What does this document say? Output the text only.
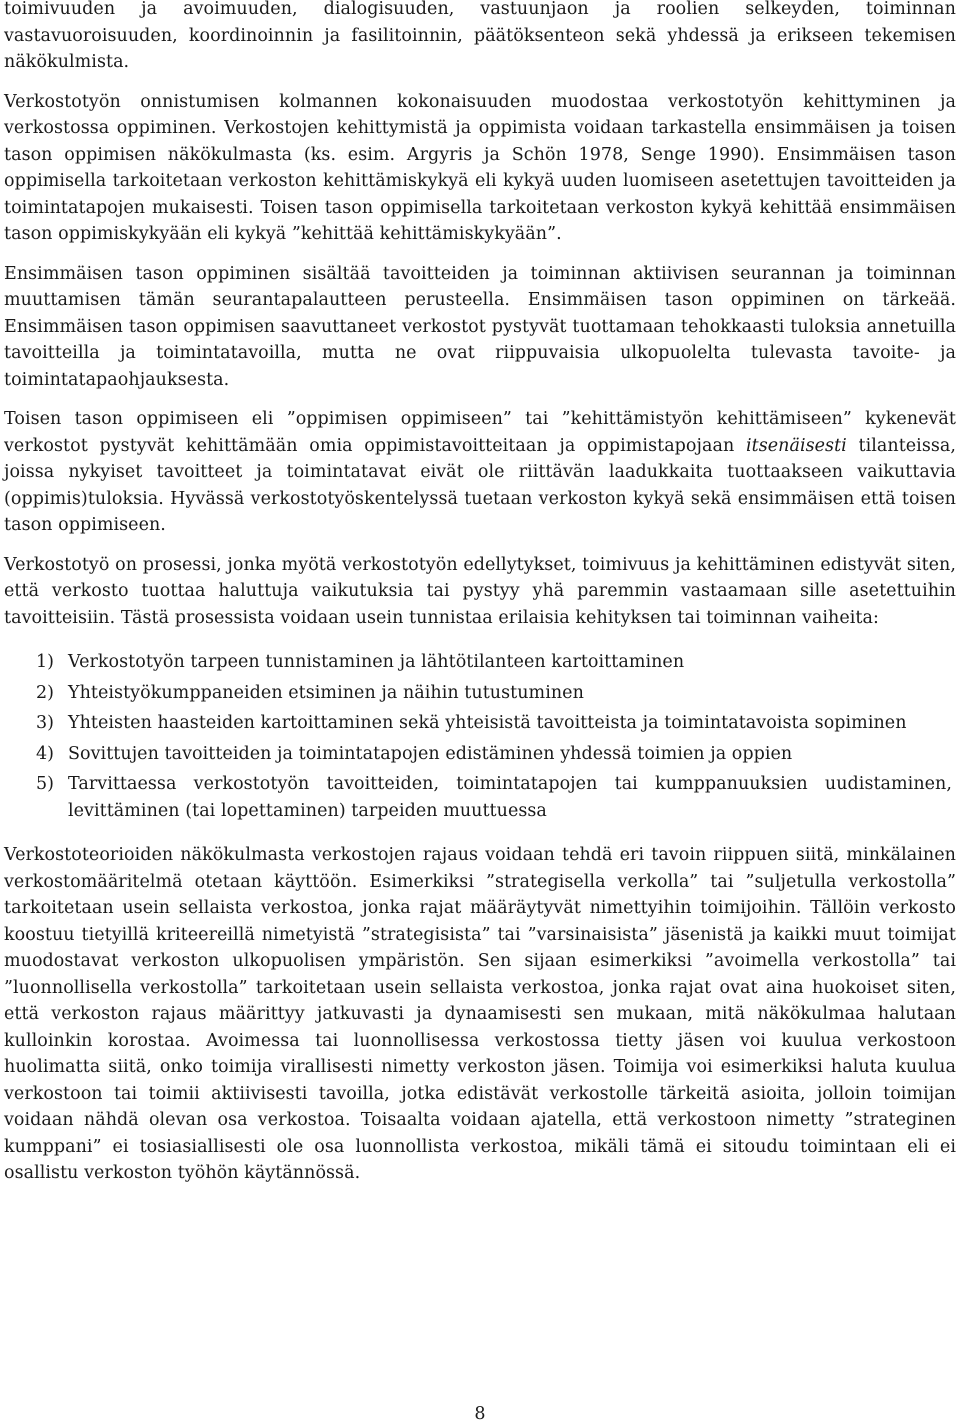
toimivuuden ja avoimuuden, dialogisuuden, vastuunjaon ja roolien selkeyden, toiminnan vastavuoroisuuden, koordinoinnin ja fasilitoinnin, päätöksenteon sekä yhdessä ja erikseen tekemisen näkökulmista.

Verkostotyön onnistumisen kolmannen kokonaisuuden muodostaa verkostotyön kehittyminen ja verkostossa oppiminen. Verkostojen kehittymistä ja oppimista voidaan tarkastella ensimmäisen ja toisen tason oppimisen näkökulmasta (ks. esim. Argyris ja Schön 1978, Senge 1990). Ensimmäisen tason oppimisella tarkoitetaan verkoston kehittämiskykyä eli kykyä uuden luomiseen asetettujen tavoitteiden ja toimintatapojen mukaisesti. Toisen tason oppimisella tarkoitetaan verkoston kykyä kehittää ensimmäisen tason oppimiskykyään eli kykyä ”kehittää kehittämiskykyään”.

Ensimmäisen tason oppiminen sisältää tavoitteiden ja toiminnan aktiivisen seurannan ja toiminnan muuttamisen tämän seurantapalautteen perusteella. Ensimmäisen tason oppiminen on tärkeää. Ensimmäisen tason oppimisen saavuttaneet verkostot pystyvät tuottamaan tehokkaasti tuloksia annetuilla tavoitteilla ja toimintatavoilla, mutta ne ovat riippuvaisia ulkopuolelta tulevasta tavoite- ja toimintatapaohjauksesta.

Toisen tason oppimiseen eli ”oppimisen oppimiseen” tai ”kehittämistyön kehittämiseen” kykenevät verkostot pystyvät kehittämään omia oppimistavoitteitaan ja oppimistapojaan itsenäisesti tilanteissa, joissa nykyiset tavoitteet ja toimintatavat eivät ole riittävän laadukkaita tuottaakseen vaikuttavia (oppimis)tuloksia. Hyvässä verkostotyöskentelyssä tuetaan verkoston kykyä sekä ensimmäisen että toisen tason oppimiseen.

Verkostotyö on prosessi, jonka myötä verkostotyön edellytykset, toimivuus ja kehittäminen edistyvät siten, että verkosto tuottaa haluttuja vaikutuksia tai pystyy yhä paremmin vastaamaan sille asetettuihin tavoitteisiin. Tästä prosessista voidaan usein tunnistaa erilaisia kehityksen tai toiminnan vaiheita:

1) Verkostotyön tarpeen tunnistaminen ja lähtötilanteen kartoittaminen
2) Yhteistyökumppaneiden etsiminen ja näihin tutustuminen
3) Yhteisten haasteiden kartoittaminen sekä yhteisistä tavoitteista ja toimintatavoista sopiminen
4) Sovittujen tavoitteiden ja toimintatapojen edistäminen yhdessä toimien ja oppien
5) Tarvittaessa verkostotyön tavoitteiden, toimintatapojen tai kumppanuuksien uudistaminen, levittäminen (tai lopettaminen) tarpeiden muuttuessa

Verkostoteorioiden näkökulmasta verkostojen rajaus voidaan tehdä eri tavoin riippuen siitä, minkälainen verkostomääritelmä otetaan käyttöön. Esimerkiksi ”strategisella verkolla” tai ”suljetulla verkostolla” tarkoitetaan usein sellaista verkostoa, jonka rajat määräytyvät nimettyihin toimijoihin. Tällöin verkosto koostuu tietyillä kriteereillä nimetyistä ”strategisista” tai ”varsinaisista” jäsenistä ja kaikki muut toimijat muodostavat verkoston ulkopuolisen ympäristön. Sen sijaan esimerkiksi ”avoimella verkostolla” tai ”luonnollisella verkostolla” tarkoitetaan usein sellaista verkostoa, jonka rajat ovat aina huokoiset siten, että verkoston rajaus määrittyy jatkuvasti ja dynaamisesti sen mukaan, mitä näkökulmaa halutaan kulloinkin korostaa. Avoimessa tai luonnollisessa verkostossa tietty jäsen voi kuulua verkostoon huolimatta siitä, onko toimija virallisesti nimetty verkoston jäsen. Toimija voi esimerkiksi haluta kuulua verkostoon tai toimii aktiivisesti tavoilla, jotka edistävät verkostolle tärkeitä asioita, jolloin toimijan voidaan nähdä olevan osa verkostoa. Toisaalta voidaan ajatella, että verkostoon nimetty ”strateginen kumppani” ei tosiasiallisesti ole osa luonnollista verkostoa, mikäli tämä ei sitoudu toimintaan eli ei osallistu verkoston työhön käytännössä.

8
